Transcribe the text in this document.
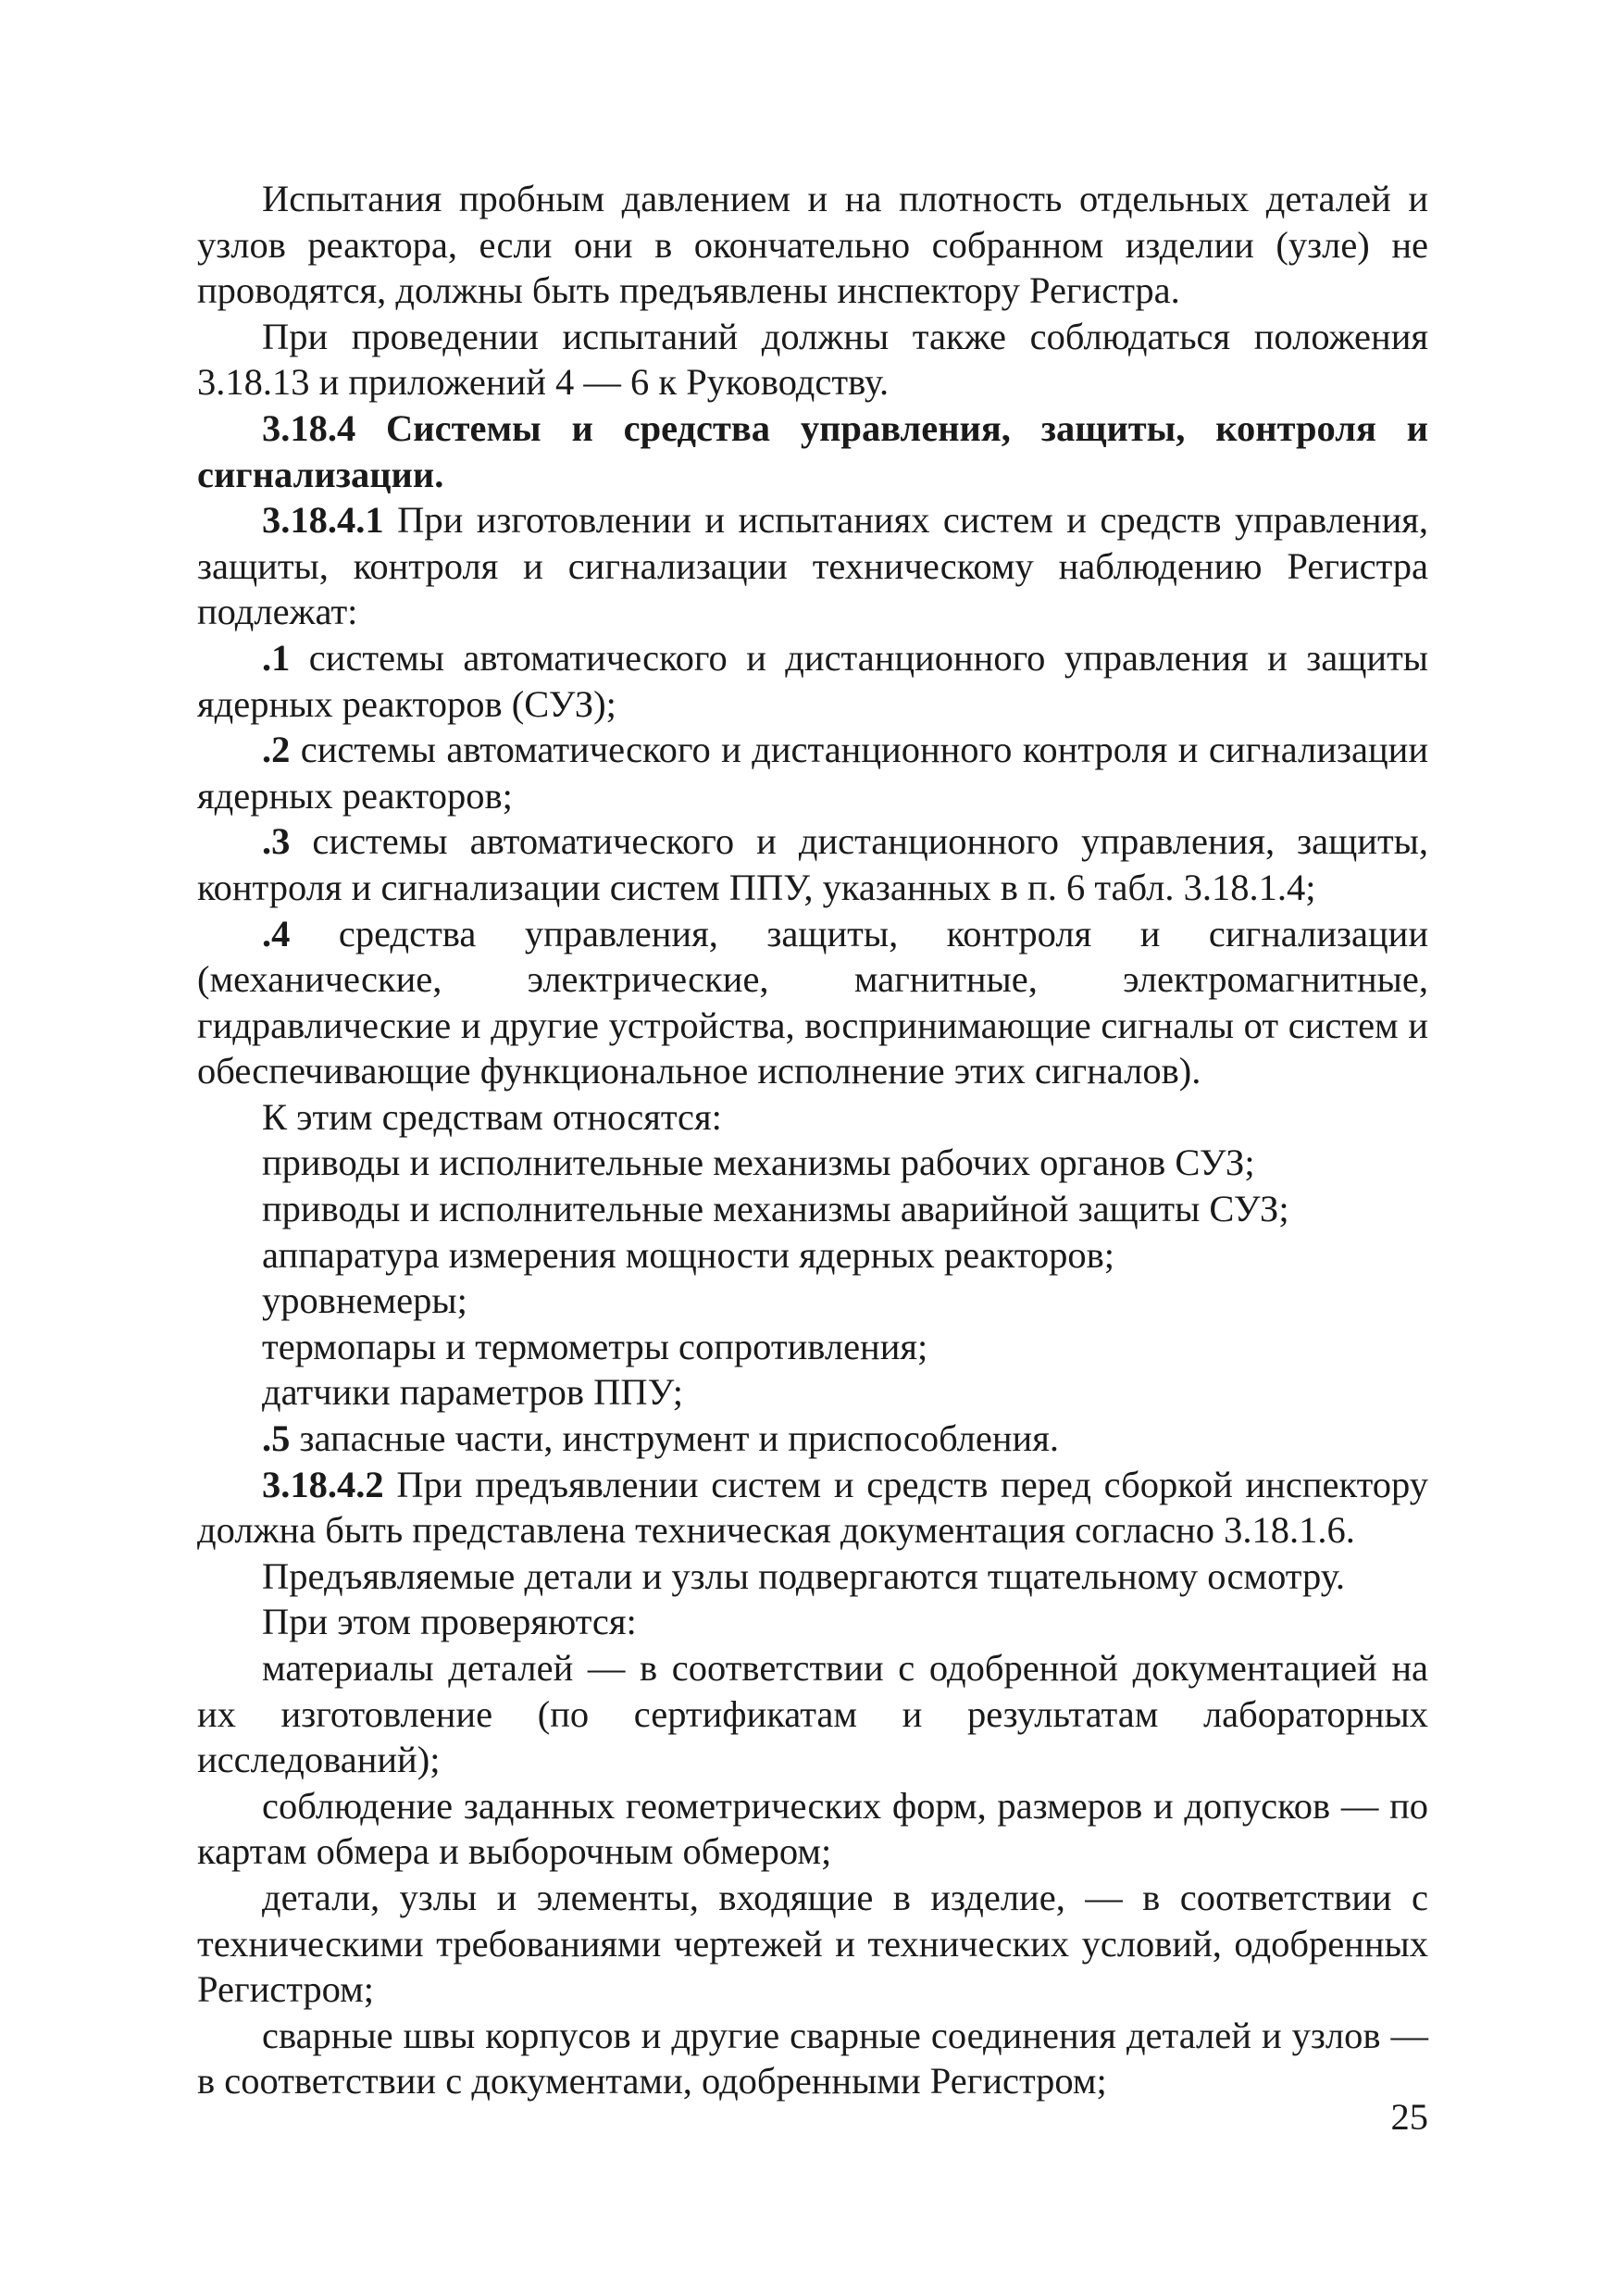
Испытания пробным давлением и на плотность отдельных деталей и узлов реактора, если они в окончательно собранном изделии (узле) не проводятся, должны быть предъявлены инспектору Регистра.

При проведении испытаний должны также соблюдаться положения 3.18.13 и приложений 4 — 6 к Руководству.

3.18.4 Системы и средства управления, защиты, контроля и сигнализации.

3.18.4.1 При изготовлении и испытаниях систем и средств управления, защиты, контроля и сигнализации техническому наблюдению Регистра подлежат:

.1 системы автоматического и дистанционного управления и защиты ядерных реакторов (СУЗ);

.2 системы автоматического и дистанционного контроля и сигнализации ядерных реакторов;

.3 системы автоматического и дистанционного управления, защиты, контроля и сигнализации систем ППУ, указанных в п. 6 табл. 3.18.1.4;

.4 средства управления, защиты, контроля и сигнализации (механические, электрические, магнитные, электромагнитные, гидравлические и другие устройства, воспринимающие сигналы от систем и обеспечивающие функциональное исполнение этих сигналов).

К этим средствам относятся:

приводы и исполнительные механизмы рабочих органов СУЗ;

приводы и исполнительные механизмы аварийной защиты СУЗ;

аппаратура измерения мощности ядерных реакторов;

уровнемеры;

термопары и термометры сопротивления;

датчики параметров ППУ;

.5 запасные части, инструмент и приспособления.

3.18.4.2 При предъявлении систем и средств перед сборкой инспектору должна быть представлена техническая документация согласно 3.18.1.6.

Предъявляемые детали и узлы подвергаются тщательному осмотру.

При этом проверяются:

материалы деталей — в соответствии с одобренной документацией на их изготовление (по сертификатам и результатам лабораторных исследований);

соблюдение заданных геометрических форм, размеров и допусков — по картам обмера и выборочным обмером;

детали, узлы и элементы, входящие в изделие, — в соответствии с техническими требованиями чертежей и технических условий, одобренных Регистром;

сварные швы корпусов и другие сварные соединения деталей и узлов — в соответствии с документами, одобренными Регистром;

25
